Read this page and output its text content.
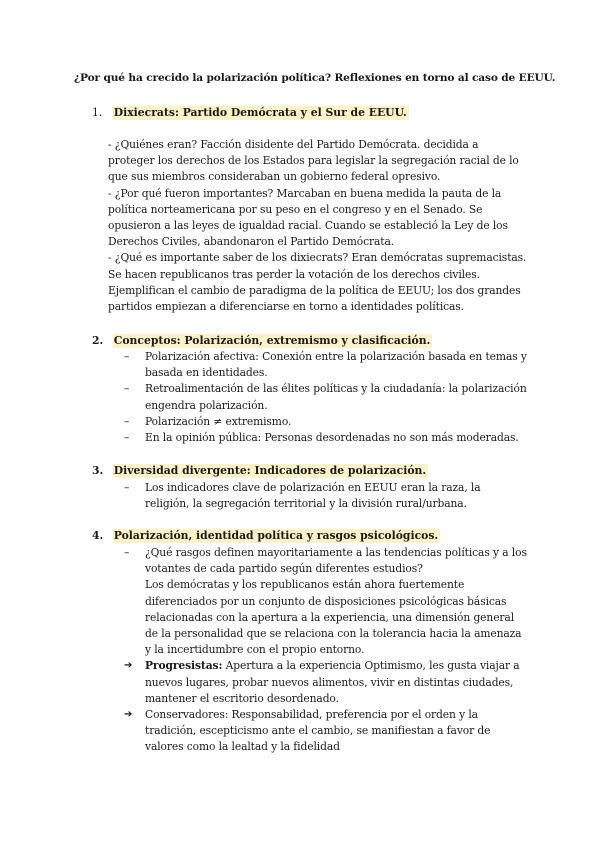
¿Por qué ha crecido la polarización política? Reflexiones en torno al caso de EEUU.
1. Dixiecrats: Partido Demócrata y el Sur de EEUU.

- ¿Quiénes eran? Facción disidente del Partido Demócrata. decidida a proteger los derechos de los Estados para legislar la segregación racial de lo que sus miembros consideraban un gobierno federal opresivo.

- ¿Por qué fueron importantes? Marcaban en buena medida la pauta de la política norteamericana por su peso en el congreso y en el Senado. Se opusieron a las leyes de igualdad racial. Cuando se estableció la Ley de los Derechos Civiles, abandonaron el Partido Demócrata.

- ¿Qué es importante saber de los dixiecrats? Eran demócratas supremacistas. Se hacen republicanos tras perder la votación de los derechos civiles. Ejemplifican el cambio de paradigma de la política de EEUU; los dos grandes partidos empiezan a diferenciarse en torno a identidades políticas.

2. Conceptos: Polarización, extremismo y clasificación.
– Polarización afectiva: Conexión entre la polarización basada en temas y basada en identidades.
– Retroalimentación de las élites políticas y la ciudadanía: la polarización engendra polarización.
– Polarización ≠ extremismo.
– En la opinión pública: Personas desordenadas no son más moderadas.
3. Diversidad divergente: Indicadores de polarización.
– Los indicadores clave de polarización en EEUU eran la raza, la religión, la segregación territorial y la división rural/urbana.
4. Polarización, identidad política y rasgos psicológicos.
– ¿Qué rasgos definen mayoritariamente a las tendencias políticas y a los votantes de cada partido según diferentes estudios?
Los demócratas y los republicanos están ahora fuertemente diferenciados por un conjunto de disposiciones psicológicas básicas relacionadas con la apertura a la experiencia, una dimensión general de la personalidad que se relaciona con la tolerancia hacia la amenaza y la incertidumbre con el propio entorno.
➔ Progresistas: Apertura a la experiencia Optimismo, les gusta viajar a nuevos lugares, probar nuevos alimentos, vivir en distintas ciudades, mantener el escritorio desordenado.
➔ Conservadores: Responsabilidad, preferencia por el orden y la tradición, escepticismo ante el cambio, se manifiestan a favor de valores como la lealtad y la fidelidad
